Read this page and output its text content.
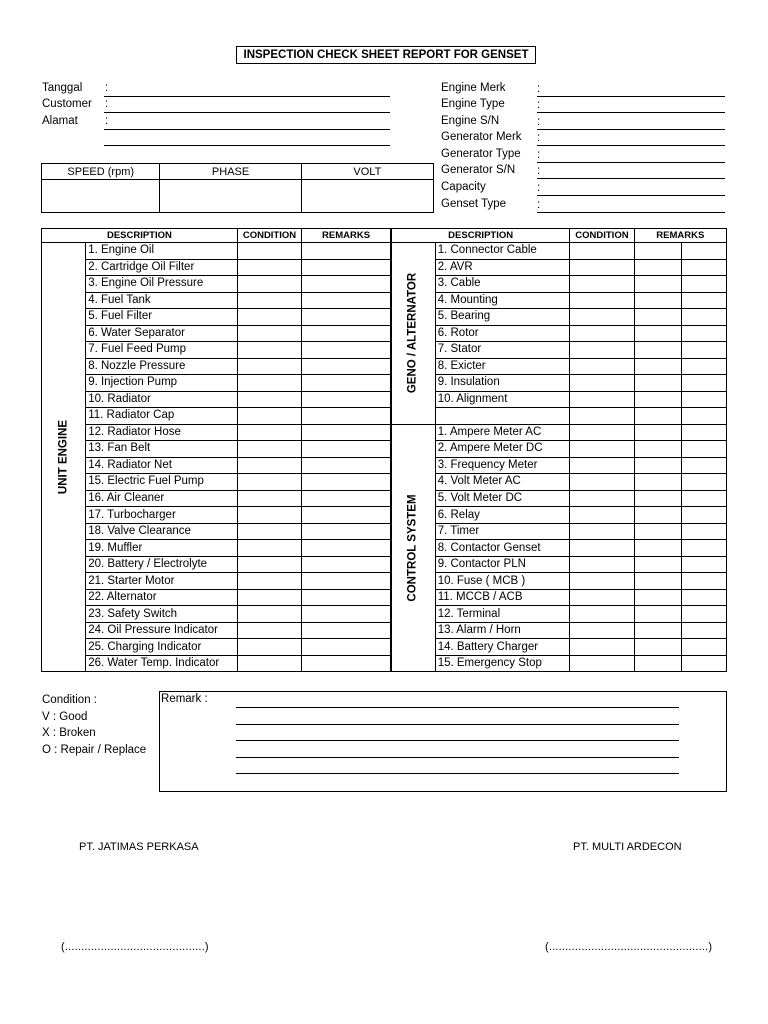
INSPECTION CHECK SHEET REPORT FOR GENSET
Tanggal :
Customer :
Alamat :
Engine Merk	:
Engine Type	:
Engine S/N	:
Generator Merk :
Generator Type :
Generator S/N :
Capacity	:
Genset Type	:
SPEED (rpm)	PHASE	VOLT

DESCRIPTION		CONDITION	REMARKS	DESCRIPTION		CONDITION	REMARKS	

UNIT ENGINE	1. Engine Oil			GENO / ALTERNATOR	1. Connector Cable			
	2. Cartridge Oil Filter				2. AVR			
	3. Engine Oil Pressure				3. Cable			
	4. Fuel Tank				4. Mounting			
	5. Fuel Filter				5. Bearing			
	6. Water Separator				6. Rotor			
	7. Fuel Feed Pump				7. Stator			
	8. Nozzle Pressure				8. Exicter			
	9. Injection Pump				9. Insulation			
	10. Radiator				10. Alignment			
	11. Radiator Cap							
	12. Radiator Hose			CONTROL SYSTEM	1. Ampere Meter AC			
	13. Fan Belt				2. Ampere Meter DC			
	14. Radiator Net				3. Frequency Meter			
	15. Electric Fuel Pump				4. Volt Meter AC			
	16. Air Cleaner				5. Volt Meter DC			
	17. Turbocharger				6. Relay			
	18. Valve Clearance				7. Timer			
	19. Muffler				8. Contactor Genset			
	20. Battery / Electrolyte				9. Contactor PLN			
	21. Starter Motor				10. Fuse ( MCB )			
	22. Alternator				11. MCCB / ACB			
	23. Safety Switch				12. Terminal			
	24. Oil Pressure Indicator				13. Alarm / Horn			
	25. Charging Indicator				14. Battery Charger			
	26. Water Temp. Indicator				15. Emergency Stop			
Condition :
V : Good
X : Broken
O : Repair / Replace
Remark :
PT. JATIMAS PERKASA	PT. MULTI ARDECON
(...........................................)	(.................................................)
